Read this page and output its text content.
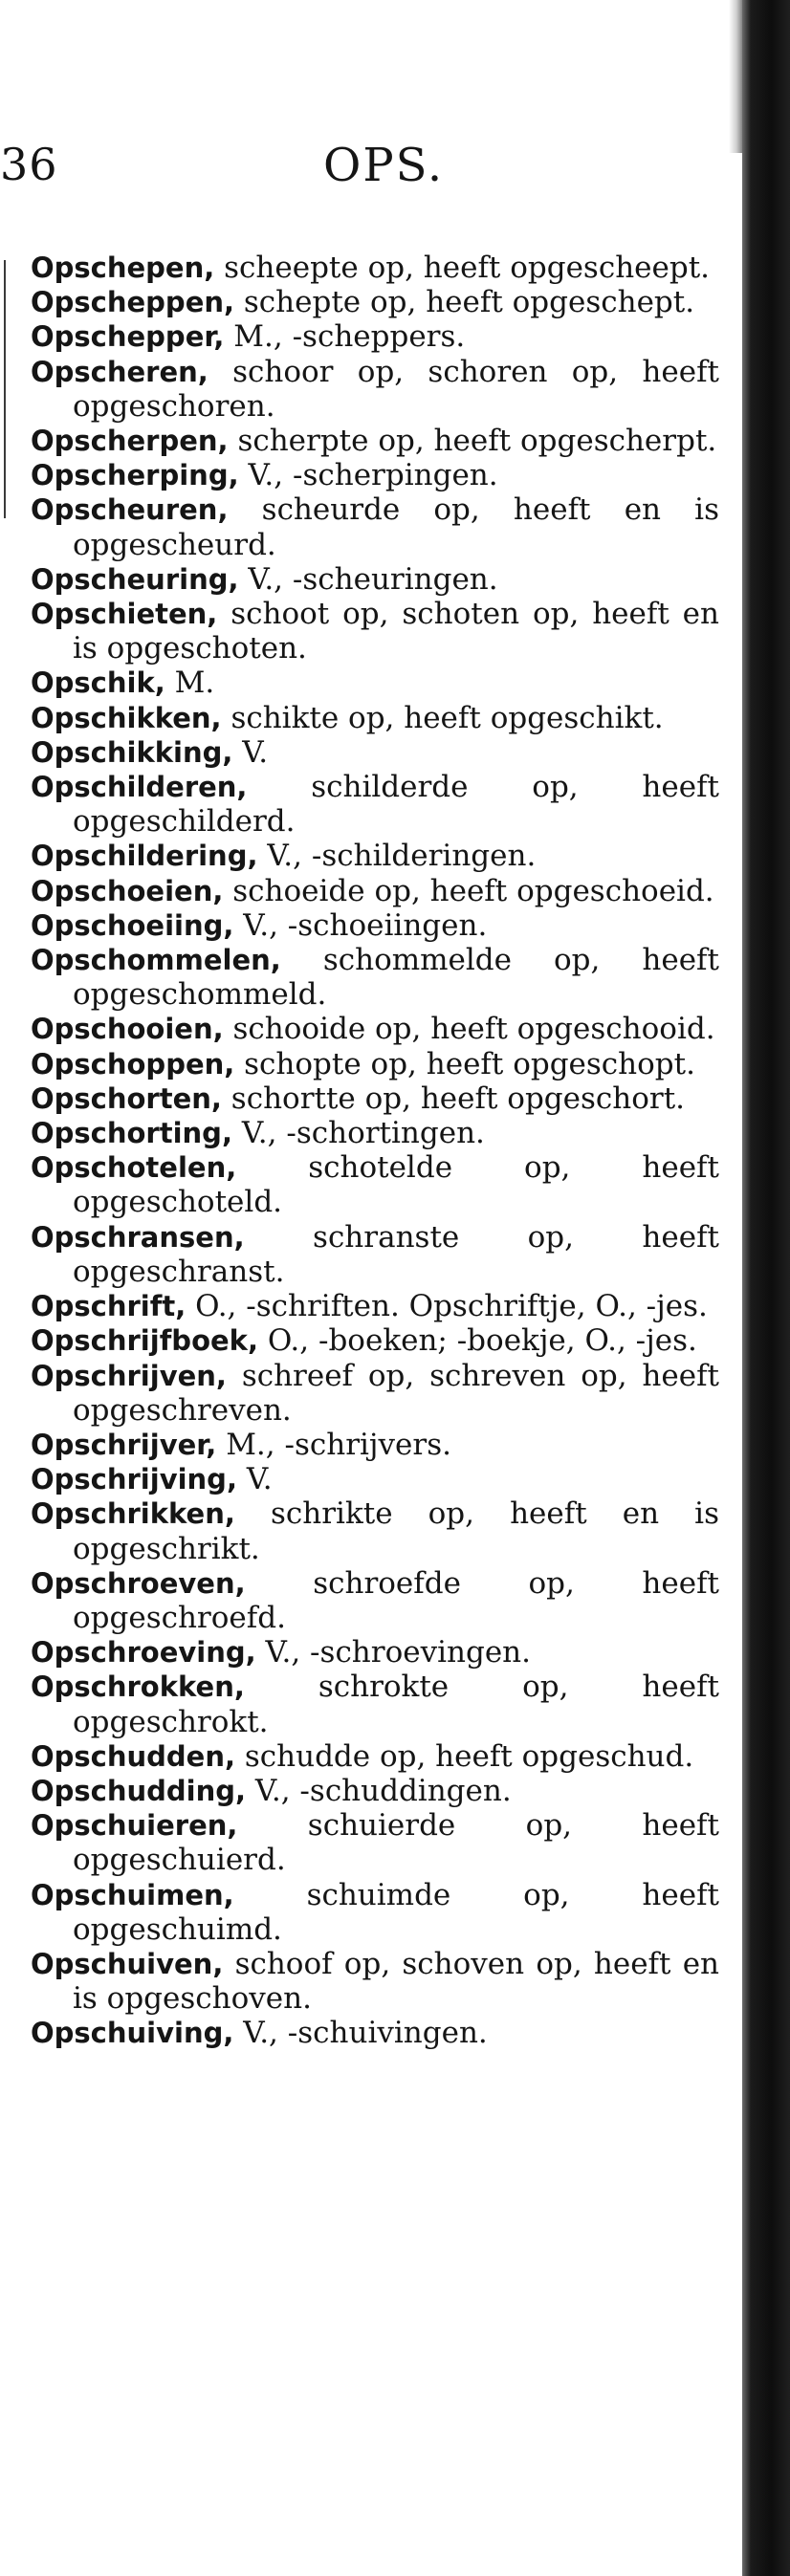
36	OPS.
Opschepen, scheepte op, heeft opgescheept.
Opscheppen, schepte op, heeft opgeschept.
Opschepper, M., -scheppers.
Opscheren, schoor op, schoren op, heeft opgeschoren.
Opscherpen, scherpte op, heeft opgescherpt.
Opscherping, V., -scherpingen.
Opscheuren, scheurde op, heeft en is opgescheurd.
Opscheuring, V., -scheuringen.
Opschieten, schoot op, schoten op, heeft en is opgeschoten.
Opschik, M.
Opschikken, schikte op, heeft opgeschikt.
Opschikking, V.
Opschilderen, schilderde op, heeft opgeschilderd.
Opschildering, V., -schilderingen.
Opschoeien, schoeide op, heeft opgeschoeid.
Opschoeiing, V., -schoeiingen.
Opschommelen, schommelde op, heeft opgeschommeld.
Opschooien, schooide op, heeft opgeschooid.
Opschoppen, schopte op, heeft opgeschopt.
Opschorten, schortte op, heeft opgeschort.
Opschorting, V., -schortingen.
Opschotelen, schotelde op, heeft opgeschoteld.
Opschransen, schranste op, heeft opgeschranst.
Opschrift, O., -schriften. Opschriftje, O., -jes.
Opschrijfboek, O., -boeken; -boekje, O., -jes.
Opschrijven, schreef op, schreven op, heeft opgeschreven.
Opschrijver, M., -schrijvers.
Opschrijving, V.
Opschrikken, schrikte op, heeft en is opgeschrikt.
Opschroeven, schroefde op, heeft opgeschroefd.
Opschroeving, V., -schroevingen.
Opschrokken, schrokte op, heeft opgeschrokt.
Opschudden, schudde op, heeft opgeschud.
Opschudding, V., -schuddingen.
Opschuieren, schuierde op, heeft opgeschuierd.
Opschuimen, schuimde op, heeft opgeschuimd.
Opschuiven, schoof op, schoven op, heeft en is opgeschoven.
Opschuiving, V., -schuivingen.
